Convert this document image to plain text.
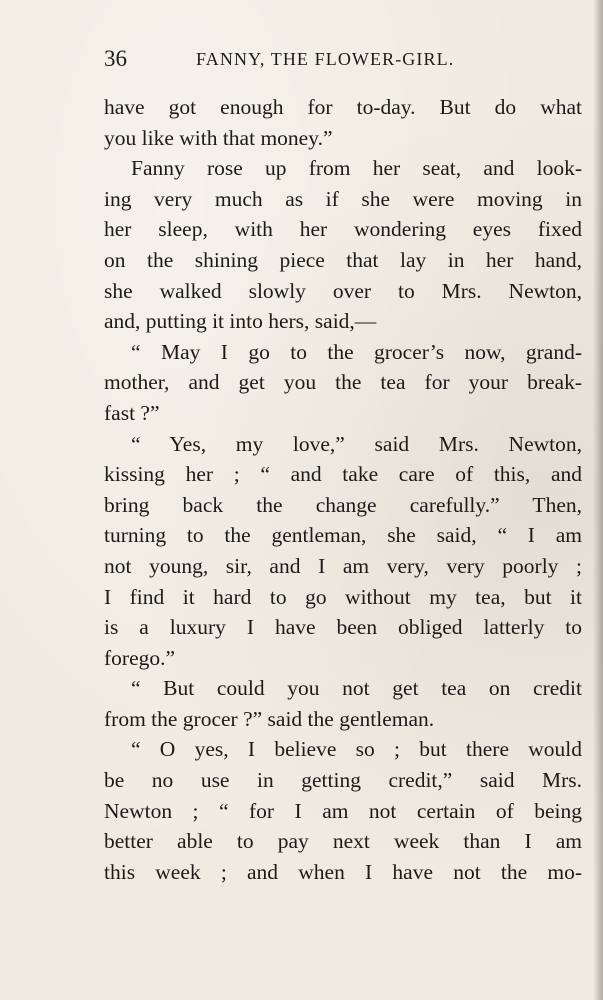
36	FANNY, THE FLOWER-GIRL.
have got enough for to-day. But do what
you like with that money.”
Fanny rose up from her seat, and look-
ing very much as if she were moving in
her sleep, with her wondering eyes fixed
on the shining piece that lay in her hand,
she walked slowly over to Mrs. Newton,
and, putting it into hers, said,—
“ May I go to the grocer’s now, grand-
mother, and get you the tea for your break-
fast ?”
“ Yes, my love,” said Mrs. Newton,
kissing her ; “ and take care of this, and
bring back the change carefully.” Then,
turning to the gentleman, she said, “ I am
not young, sir, and I am very, very poorly ;
I find it hard to go without my tea, but it
is a luxury I have been obliged latterly to
forego.”
“ But could you not get tea on credit
from the grocer ?” said the gentleman.
“ O yes, I believe so ; but there would
be no use in getting credit,” said Mrs.
Newton ; “ for I am not certain of being
better able to pay next week than I am
this week ; and when I have not the mo-
